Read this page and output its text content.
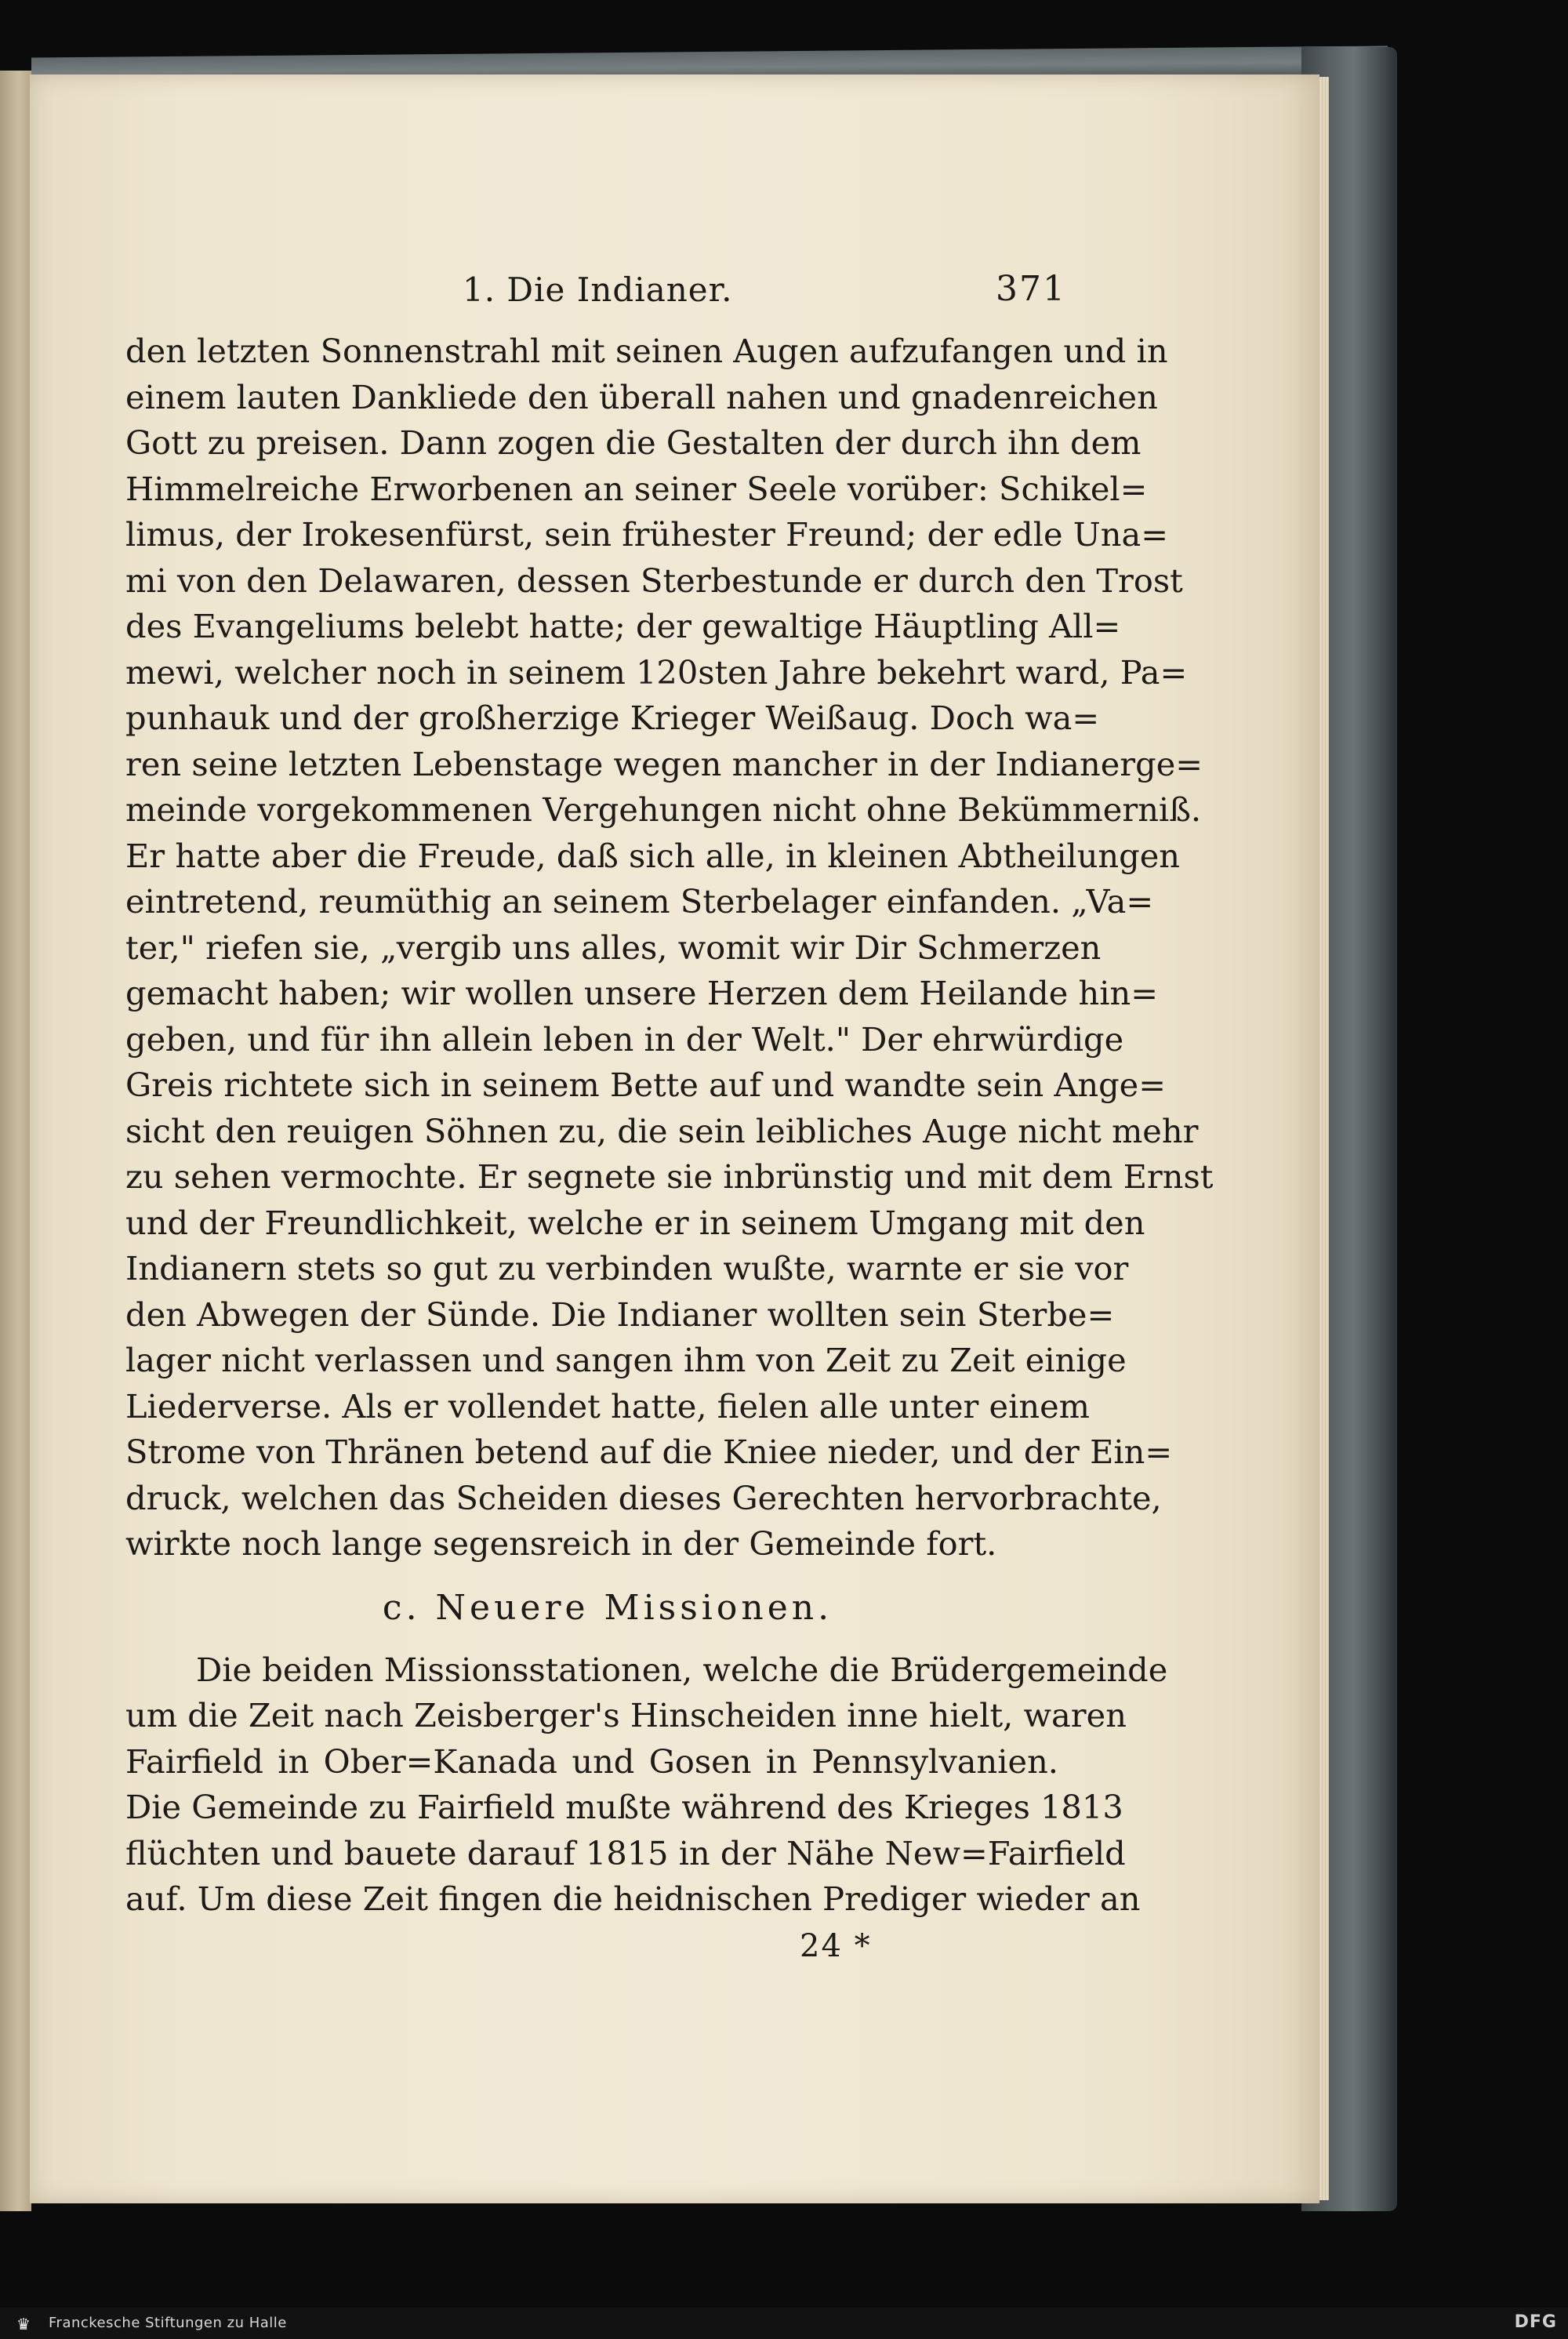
1. Die Indianer.	371
den letzten Sonnenstrahl mit seinen Augen aufzufangen und in
einem lauten Dankliede den überall nahen und gnadenreichen
Gott zu preisen. Dann zogen die Gestalten der durch ihn dem
Himmelreiche Erworbenen an seiner Seele vorüber: Schikel=
limus, der Irokesenfürst, sein frühester Freund; der edle Una=
mi von den Delawaren, dessen Sterbestunde er durch den Trost
des Evangeliums belebt hatte; der gewaltige Häuptling All=
mewi, welcher noch in seinem 120sten Jahre bekehrt ward, Pa=
punhauk und der großherzige Krieger Weißaug. Doch wa=
ren seine letzten Lebenstage wegen mancher in der Indianerge=
meinde vorgekommenen Vergehungen nicht ohne Bekümmerniß.
Er hatte aber die Freude, daß sich alle, in kleinen Abtheilungen
eintretend, reumüthig an seinem Sterbelager einfanden. „Va=
ter," riefen sie, „vergib uns alles, womit wir Dir Schmerzen
gemacht haben; wir wollen unsere Herzen dem Heilande hin=
geben, und für ihn allein leben in der Welt." Der ehrwürdige
Greis richtete sich in seinem Bette auf und wandte sein Ange=
sicht den reuigen Söhnen zu, die sein leibliches Auge nicht mehr
zu sehen vermochte. Er segnete sie inbrünstig und mit dem Ernst
und der Freundlichkeit, welche er in seinem Umgang mit den
Indianern stets so gut zu verbinden wußte, warnte er sie vor
den Abwegen der Sünde. Die Indianer wollten sein Sterbe=
lager nicht verlassen und sangen ihm von Zeit zu Zeit einige
Liederverse. Als er vollendet hatte, fielen alle unter einem
Strome von Thränen betend auf die Kniee nieder, und der Ein=
druck, welchen das Scheiden dieses Gerechten hervorbrachte,
wirkte noch lange segensreich in der Gemeinde fort.
c. Neuere Missionen.
Die beiden Missionsstationen, welche die Brüdergemeinde
um die Zeit nach Zeisberger's Hinscheiden inne hielt, waren
Fairfield in Ober=Kanada und Gosen in Pennsylvanien.
Die Gemeinde zu Fairfield mußte während des Krieges 1813
flüchten und bauete darauf 1815 in der Nähe New=Fairfield
auf. Um diese Zeit fingen die heidnischen Prediger wieder an
24 *
♛	Franckesche Stiftungen zu Halle	DFG
